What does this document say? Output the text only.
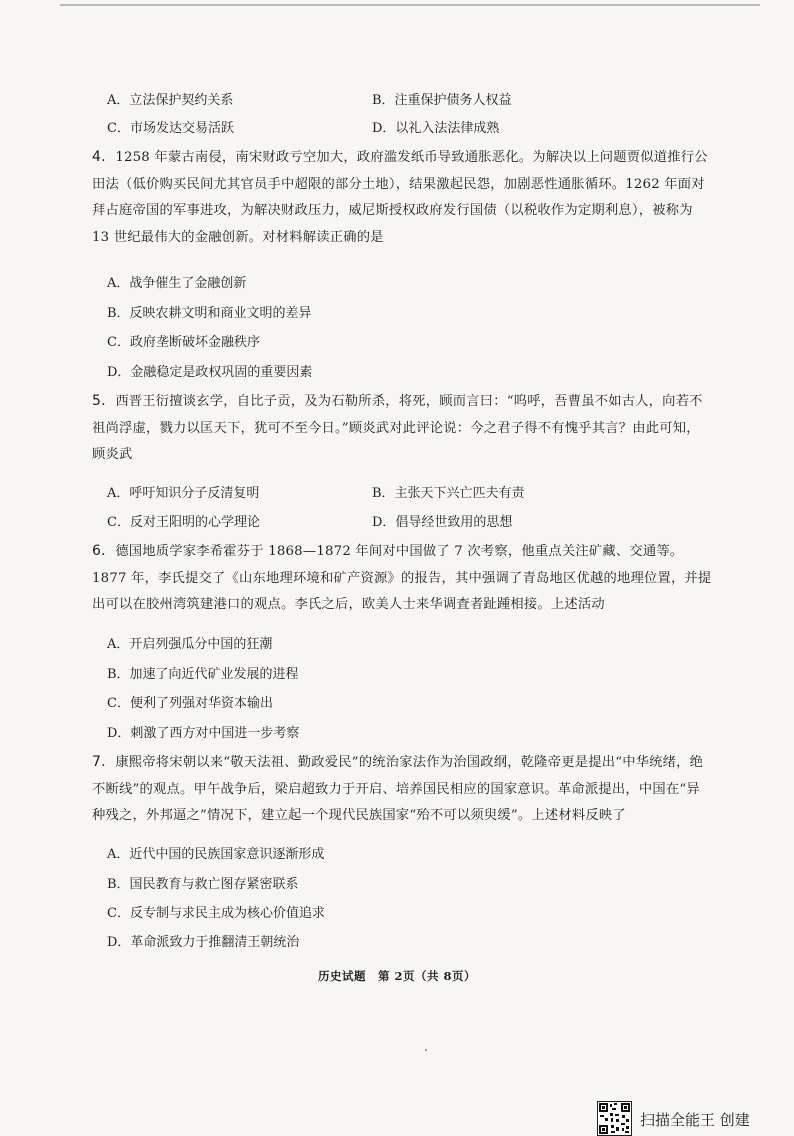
A．立法保护契约关系	B．注重保护债务人权益
C．市场发达交易活跃	D．以礼入法法律成熟
4．1258 年蒙古南侵，南宋财政亏空加大，政府滥发纸币导致通胀恶化。为解决以上问题贾似道推行公田法（低价购买民间尤其官员手中超限的部分土地），结果激起民怨，加剧恶性通胀循环。1262 年面对拜占庭帝国的军事进攻，为解决财政压力，威尼斯授权政府发行国债（以税收作为定期利息），被称为 13 世纪最伟大的金融创新。对材料解读正确的是
A．战争催生了金融创新
B．反映农耕文明和商业文明的差异
C．政府垄断破坏金融秩序
D．金融稳定是政权巩固的重要因素
5．西晋王衍擅谈玄学，自比子贡，及为石勒所杀，将死，顾而言曰：“呜呼，吾曹虽不如古人，向若不祖尚浮虚，戮力以匡天下，犹可不至今日。”顾炎武对此评论说：今之君子得不有愧乎其言？由此可知，顾炎武
A．呼吁知识分子反清复明	B．主张天下兴亡匹夫有责
C．反对王阳明的心学理论	D．倡导经世致用的思想
6．德国地质学家李希霍芬于 1868—1872 年间对中国做了 7 次考察，他重点关注矿藏、交通等。1877 年，李氏提交了《山东地理环境和矿产资源》的报告，其中强调了青岛地区优越的地理位置，并提出可以在胶州湾筑建港口的观点。李氏之后，欧美人士来华调査者趾踵相接。上述活动
A．开启列强瓜分中国的狂潮
B．加速了向近代矿业发展的进程
C．便利了列强对华资本输出
D．刺激了西方对中国进一步考察
7．康熙帝将宋朝以来“敬天法祖、勤政爱民”的统治家法作为治国政纲，乾隆帝更是提出“中华统绪，绝不断线”的观点。甲午战争后，梁启超致力于开启、培养国民相应的国家意识。革命派提出，中国在“异种残之，外邦逼之”情况下，建立起一个现代民族国家“殆不可以须臾缓”。上述材料反映了
A．近代中国的民族国家意识逐渐形成
B．国民教育与救亡图存紧密联系
C．反专制与求民主成为核心价值追求
D．革命派致力于推翻清王朝统治
历史试题　第 2页（共 8页）
扫描全能王 创建
